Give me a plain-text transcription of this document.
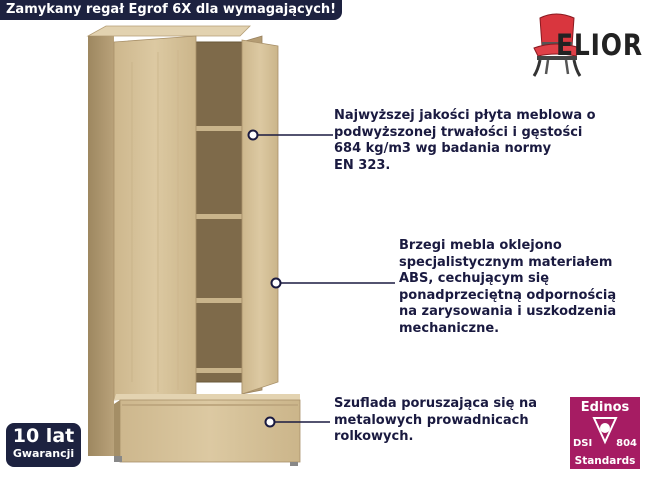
Zamykany regał Egrof 6X dla wymagających!
ELIOR
Najwyższej jakości płyta meblowa o
podwyższonej trwałości i gęstości
684 kg/m3 wg badania normy
EN 323.
Brzegi mebla oklejono
specjalistycznym materiałem
ABS, cechującym się
ponadprzeciętną odpornością
na zarysowania i uszkodzenia
mechaniczne.
Szuflada poruszająca się na
metalowych prowadnicach
rolkowych.
10 lat
Gwarancji
Edinos
DSI 804
Standards
